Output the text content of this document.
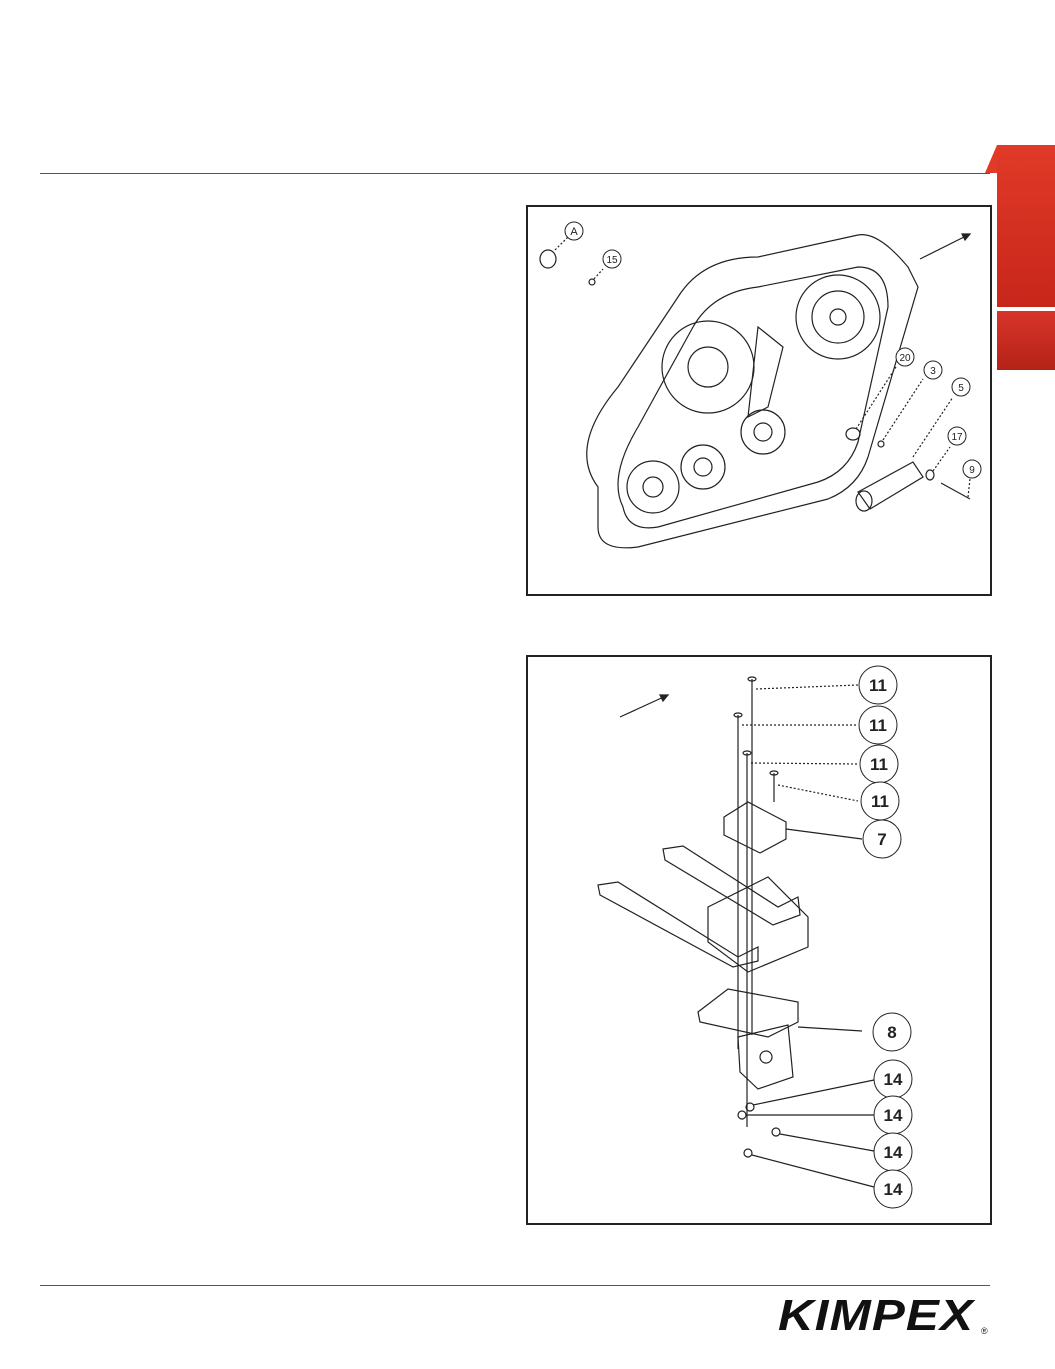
A
15
20
3
5
17
9
11
11
11
11
7
8
14
14
14
14
KIMPEX ®
